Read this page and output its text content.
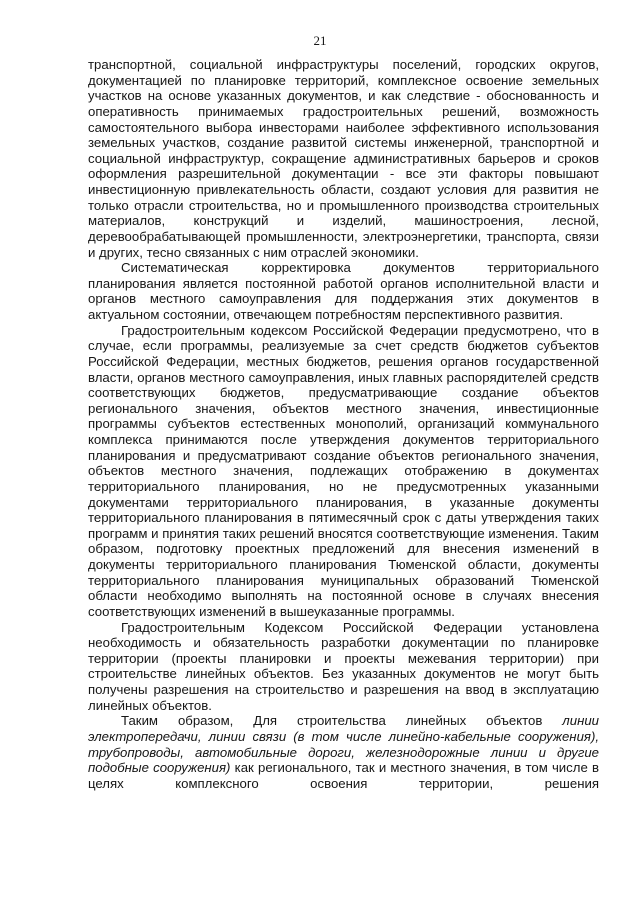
21

транспортной, социальной инфраструктуры поселений, городских округов, документацией по планировке территорий, комплексное освоение земельных участков на основе указанных документов, и как следствие - обоснованность и оперативность принимаемых градостроительных решений, возможность самостоятельного выбора инвесторами наиболее эффективного использования земельных участков, создание развитой системы инженерной, транспортной и социальной инфраструктур, сокращение административных барьеров и сроков оформления разрешительной документации - все эти факторы повышают инвестиционную привлекательность области, создают условия для развития не только отрасли строительства, но и промышленного производства строительных материалов, конструкций и изделий, машиностроения, лесной, деревообрабатывающей промышленности, электроэнергетики, транспорта, связи и других, тесно связанных с ним отраслей экономики.

Систематическая корректировка документов территориального планирования является постоянной работой органов исполнительной власти и органов местного самоуправления для поддержания этих документов в актуальном состоянии, отвечающем потребностям перспективного развития.

Градостроительным кодексом Российской Федерации предусмотрено, что в случае, если программы, реализуемые за счет средств бюджетов субъектов Российской Федерации, местных бюджетов, решения органов государственной власти, органов местного самоуправления, иных главных распорядителей средств соответствующих бюджетов, предусматривающие создание объектов регионального значения, объектов местного значения, инвестиционные программы субъектов естественных монополий, организаций коммунального комплекса принимаются после утверждения документов территориального планирования и предусматривают создание объектов регионального значения, объектов местного значения, подлежащих отображению в документах территориального планирования, но не предусмотренных указанными документами территориального планирования, в указанные документы территориального планирования в пятимесячный срок с даты утверждения таких программ и принятия таких решений вносятся соответствующие изменения. Таким образом, подготовку проектных предложений для внесения изменений в документы территориального планирования Тюменской области, документы территориального планирования муниципальных образований Тюменской области необходимо выполнять на постоянной основе в случаях внесения соответствующих изменений в вышеуказанные программы.

Градостроительным Кодексом Российской Федерации установлена необходимость и обязательность разработки документации по планировке территории (проекты планировки и проекты межевания территории) при строительстве линейных объектов. Без указанных документов не могут быть получены разрешения на строительство и разрешения на ввод в эксплуатацию линейных объектов.

Таким образом, Для строительства линейных объектов линии электропередачи, линии связи (в том числе линейно-кабельные сооружения), трубопроводы, автомобильные дороги, железнодорожные линии и другие подобные сооружения) как регионального, так и местного значения, в том числе в целях комплексного освоения территории, решения
